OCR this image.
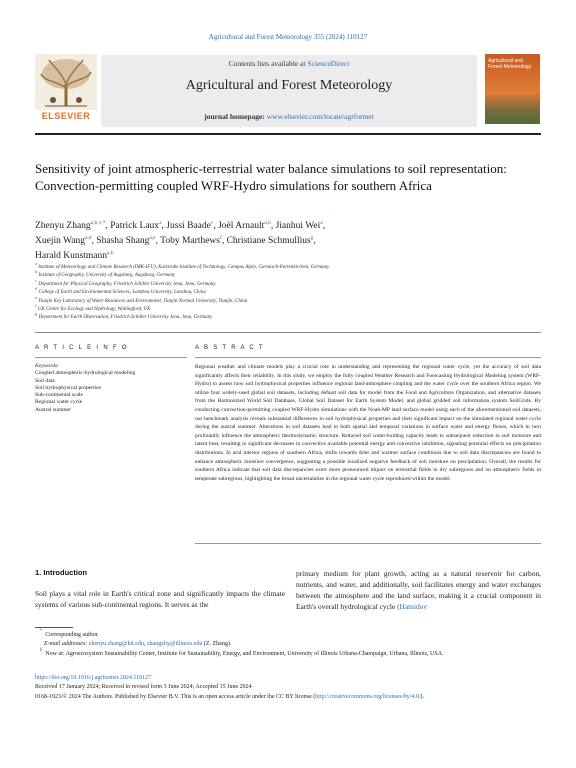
Agricultural and Forest Meteorology 355 (2024) 110127
ELSEVIER
Contents lists available at ScienceDirect
Agricultural and Forest Meteorology
journal homepage: www.elsevier.com/locate/agrformet
Agricultural and Forest Meteorology
Sensitivity of joint atmospheric-terrestrial water balance simulations to soil representation: Convection-permitting coupled WRF-Hydro simulations for southern Africa
Zhenyu Zhang$^{a,b,1,*}$, Patrick Laux$^a$, Jussi Baade$^c$, Joël Arnault$^{a,b}$, Jianhui Wei$^a$,
Xuejin Wang$^{a,d}$, Shasha Shang$^{a,e}$, Toby Marthews$^f$, Christiane Schmullius$^g$,
Harald Kunstmann$^{a,b}$
$^a$ Institute of Meteorology and Climate Research (IMK-IFU), Karlsruhe Institute of Technology, Campus Alpin, Garmisch-Partenkirchen, Germany
$^b$ Institute of Geography, University of Augsburg, Augsburg, Germany
$^c$ Department for Physical Geography, Friedrich Schiller University Jena, Jena, Germany
$^d$ College of Earth and Environmental Sciences, Lanzhou University, Lanzhou, China
$^e$ Tianjin Key Laboratory of Water Resources and Environment, Tianjin Normal University, Tianjin, China
$^f$ UK Centre for Ecology and Hydrology, Wallingford, UK
$^g$ Department for Earth Observation, Friedrich Schiller University Jena, Jena, Germany
A R T I C L E I N F O
Keywords:
Coupled atmospheric-hydrological modeling
Soil data
Soil hydrophysical properties
Sub-continental scale
Regional water cycle
Austral summer
A B S T R A C T
Regional weather and climate models play a crucial role in understanding and representing the regional water cycle, yet the accuracy of soil data significantly affects their reliability. In this study, we employ the fully coupled Weather Research and Forecasting Hydrological Modeling system (WRF-Hydro) to assess how soil hydrophysical properties influence regional land-atmosphere coupling and the water cycle over the southern Africa region. We utilize four widely-used global soil datasets, including default soil data for model from the Food and Agriculture Organization, and alternative datasets from the Harmonized World Soil Database, Global Soil Dataset for Earth System Model, and global gridded soil information system SoilGrids. By conducting convection-permitting coupled WRF-Hydro simulations with the Noah-MP land surface model using each of the aforementioned soil datasets, our benchmark analysis reveals substantial differences in soil hydrophysical properties and their significant impact on the simulated regional water cycle during the austral summer. Alterations in soil datasets lead to both spatial and temporal variations in surface water and energy fluxes, which in turn profoundly influence the atmospheric thermodynamic structure. Reduced soil water-holding capacity leads to subsequent reduction in soil moisture and latent heat, resulting in significant decreases in convective available potential energy and convective inhibition, signaling potential effects on precipitation distributions. In arid interior regions of southern Africa, shifts towards drier and warmer surface conditions due to soil data discrepancies are found to enhance atmospheric moisture convergence, suggesting a possible localized negative feedback of soil moisture on precipitation. Overall, the results for southern Africa indicate that soil data discrepancies exert more pronounced impact on terrestrial fields in dry subregions and on atmospheric fields in temperate subregions, highlighting the broad uncertainties in the regional water cycle reproduced within the model.
1. Introduction
Soil plays a vital role in Earth's critical zone and significantly impacts the climate systems of various sub-continental regions. It serves as the
primary medium for plant growth, acting as a natural reservoir for carbon, nutrients, and water, and additionally, soil facilitates energy and water exchanges between the atmosphere and the land surface, making it a crucial component in Earth's overall hydrological cycle (Hamidov
*  Corresponding author.
E-mail addresses: zhenyu.zhang@kit.edu, zhangzhy@illinois.edu (Z. Zhang).
$^1$  Now at: Agroecosystem Sustainability Center, Institute for Sustainability, Energy, and Environment, University of Illinois Urbana-Champaign, Urbana, Illinois, USA.
https://doi.org/10.1016/j.agrformet.2024.110127
Received 17 January 2024; Received in revised form 3 June 2024; Accepted 15 June 2024
0168-1923/© 2024 The Authors. Published by Elsevier B.V. This is an open access article under the CC BY license (http://creativecommons.org/licenses/by/4.0/).
